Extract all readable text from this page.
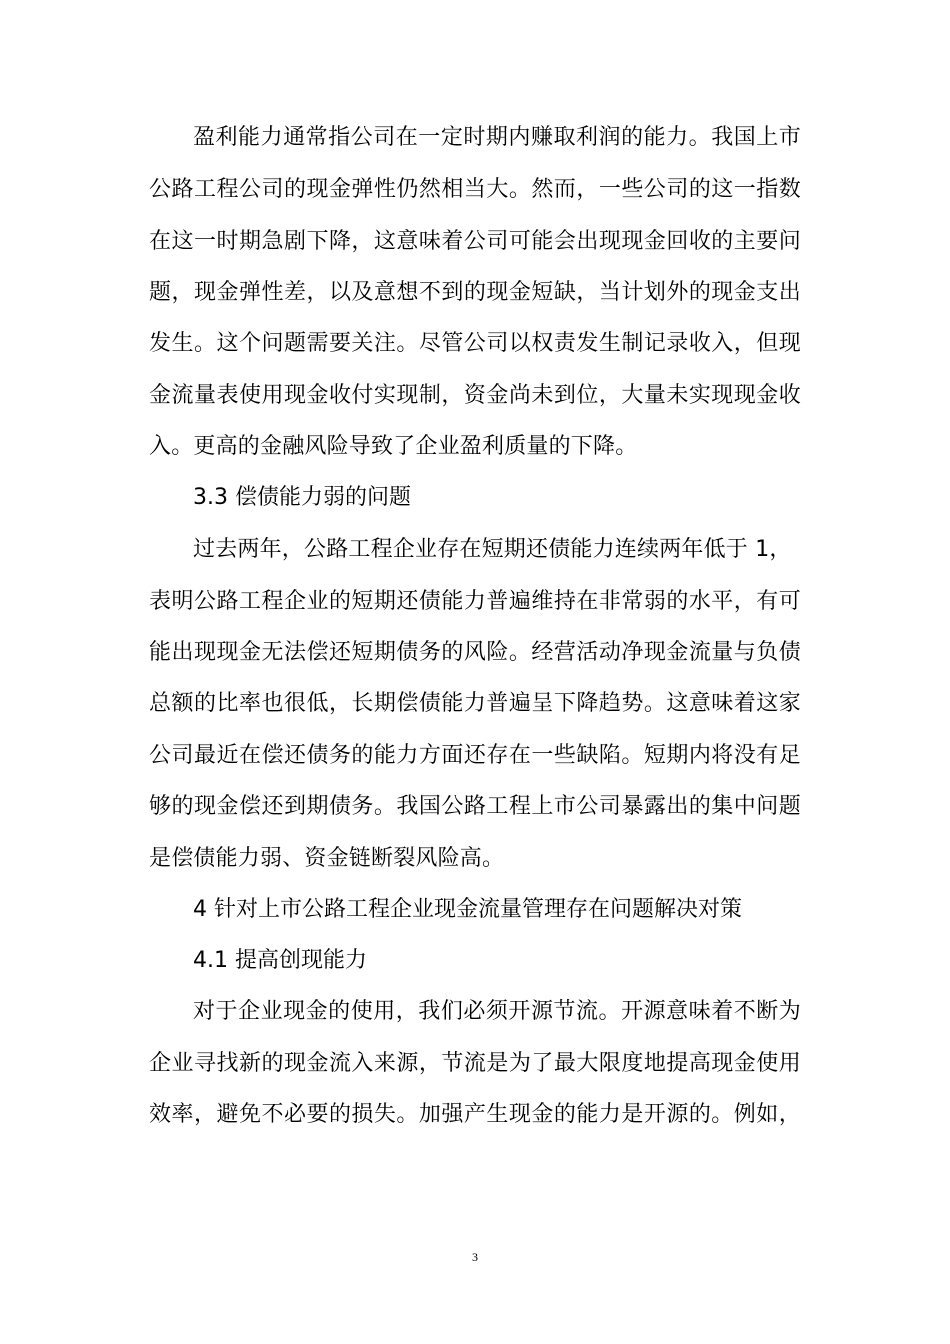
盈利能力通常指公司在一定时期内赚取利润的能力。我国上市
公路工程公司的现金弹性仍然相当大。然而，一些公司的这一指数
在这一时期急剧下降，这意味着公司可能会出现现金回收的主要问
题，现金弹性差，以及意想不到的现金短缺，当计划外的现金支出
发生。这个问题需要关注。尽管公司以权责发生制记录收入，但现
金流量表使用现金收付实现制，资金尚未到位，大量未实现现金收
入。更高的金融风险导致了企业盈利质量的下降。
3.3 偿债能力弱的问题
过去两年，公路工程企业存在短期还债能力连续两年低于 1，
表明公路工程企业的短期还债能力普遍维持在非常弱的水平，有可
能出现现金无法偿还短期债务的风险。经营活动净现金流量与负债
总额的比率也很低，长期偿债能力普遍呈下降趋势。这意味着这家
公司最近在偿还债务的能力方面还存在一些缺陷。短期内将没有足
够的现金偿还到期债务。我国公路工程上市公司暴露出的集中问题
是偿债能力弱、资金链断裂风险高。
4 针对上市公路工程企业现金流量管理存在问题解决对策
4.1 提高创现能力
对于企业现金的使用，我们必须开源节流。开源意味着不断为
企业寻找新的现金流入来源，节流是为了最大限度地提高现金使用
效率，避免不必要的损失。加强产生现金的能力是开源的。例如，
3
